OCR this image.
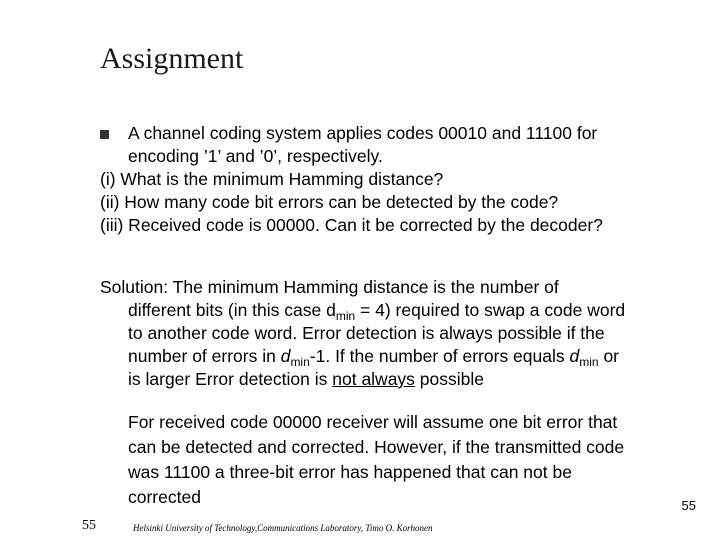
Assignment
A channel coding system applies codes 00010 and 11100 for
encoding ’1’ and ’0’, respectively.
(i) What is the minimum Hamming distance?
(ii) How many code bit errors can be detected by the code?
(iii) Received code is 00000. Can it be corrected by the decoder?
Solution: The minimum Hamming distance is the number of
different bits (in this case $d_{min} = 4$) required to swap a code word
to another code word. Error detection is always possible if the
number of errors in $d_{min}-1$. If the number of errors equals $d_{min}$ or
is larger Error detection is not always possible
For received code 00000 receiver will assume one bit error that
can be detected and corrected. However, if the transmitted code
was 11100 a three-bit error has happened that can not be
corrected	55
55	Helsinki University of Technology,Communications Laboratory, Timo O. Korhonen
